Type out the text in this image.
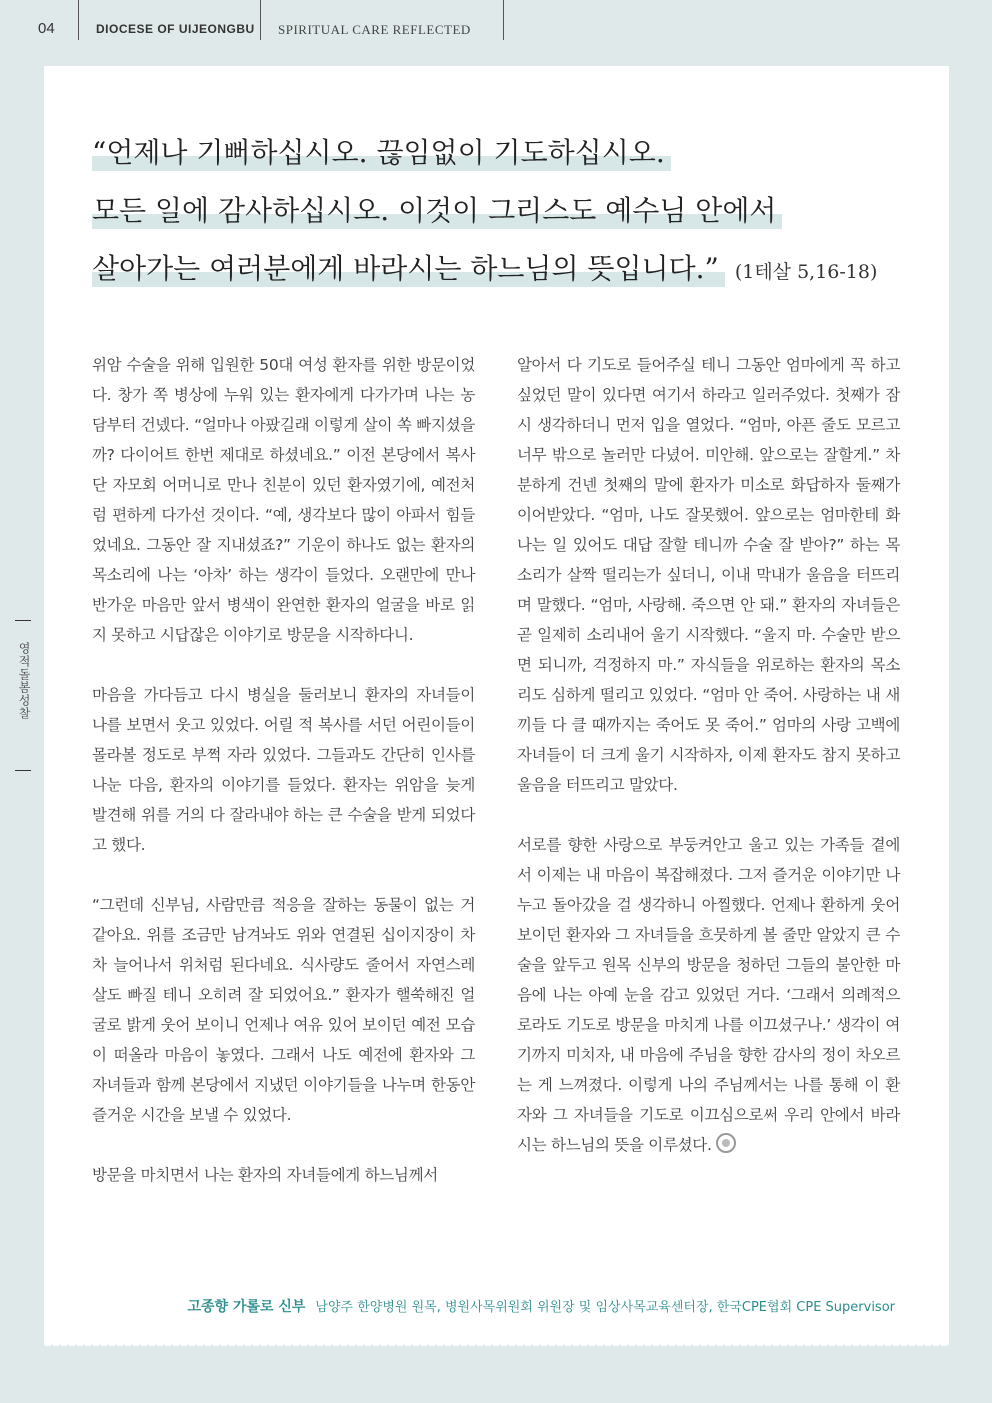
04	DIOCESE OF UIJEONGBU SPIRITUAL CARE REFLECTED
영적돌봄성찰
“언제나 기뻐하십시오. 끊임없이 기도하십시오.
모든 일에 감사하십시오. 이것이 그리스도 예수님 안에서
살아가는 여러분에게 바라시는 하느님의 뜻입니다.” (1테살 5,16-18)

위암 수술을 위해 입원한 50대 여성 환자를 위한 방문이었다. 창가 쪽 병상에 누워 있는 환자에게 다가가며 나는 농담부터 건넸다. “얼마나 아팠길래 이렇게 살이 쏙 빠지셨을까? 다이어트 한번 제대로 하셨네요.” 이전 본당에서 복사단 자모회 어머니로 만나 친분이 있던 환자였기에, 예전처럼 편하게 다가선 것이다. “예, 생각보다 많이 아파서 힘들었네요. 그동안 잘 지내셨죠?” 기운이 하나도 없는 환자의 목소리에 나는 ‘아차’ 하는 생각이 들었다. 오랜만에 만나 반가운 마음만 앞서 병색이 완연한 환자의 얼굴을 바로 읽지 못하고 시답잖은 이야기로 방문을 시작하다니.

마음을 가다듬고 다시 병실을 둘러보니 환자의 자녀들이 나를 보면서 웃고 있었다. 어릴 적 복사를 서던 어린이들이 몰라볼 정도로 부쩍 자라 있었다. 그들과도 간단히 인사를 나눈 다음, 환자의 이야기를 들었다. 환자는 위암을 늦게 발견해 위를 거의 다 잘라내야 하는 큰 수술을 받게 되었다고 했다.

“그런데 신부님, 사람만큼 적응을 잘하는 동물이 없는 거 같아요. 위를 조금만 남겨놔도 위와 연결된 십이지장이 차차 늘어나서 위처럼 된다네요. 식사량도 줄어서 자연스레 살도 빠질 테니 오히려 잘 되었어요.” 환자가 핼쑥해진 얼굴로 밝게 웃어 보이니 언제나 여유 있어 보이던 예전 모습이 떠올라 마음이 놓였다. 그래서 나도 예전에 환자와 그 자녀들과 함께 본당에서 지냈던 이야기들을 나누며 한동안 즐거운 시간을 보낼 수 있었다.

방문을 마치면서 나는 환자의 자녀들에게 하느님께서

알아서 다 기도로 들어주실 테니 그동안 엄마에게 꼭 하고 싶었던 말이 있다면 여기서 하라고 일러주었다. 첫째가 잠시 생각하더니 먼저 입을 열었다. “엄마, 아픈 줄도 모르고 너무 밖으로 놀러만 다녔어. 미안해. 앞으로는 잘할게.” 차분하게 건넨 첫째의 말에 환자가 미소로 화답하자 둘째가 이어받았다. “엄마, 나도 잘못했어. 앞으로는 엄마한테 화나는 일 있어도 대답 잘할 테니까 수술 잘 받아?” 하는 목소리가 살짝 떨리는가 싶더니, 이내 막내가 울음을 터뜨리며 말했다. “엄마, 사랑해. 죽으면 안 돼.” 환자의 자녀들은 곧 일제히 소리내어 울기 시작했다. “울지 마. 수술만 받으면 되니까, 걱정하지 마.” 자식들을 위로하는 환자의 목소리도 심하게 떨리고 있었다. “엄마 안 죽어. 사랑하는 내 새끼들 다 클 때까지는 죽어도 못 죽어.” 엄마의 사랑 고백에 자녀들이 더 크게 울기 시작하자, 이제 환자도 참지 못하고 울음을 터뜨리고 말았다.

서로를 향한 사랑으로 부둥켜안고 울고 있는 가족들 곁에서 이제는 내 마음이 복잡해졌다. 그저 즐거운 이야기만 나누고 돌아갔을 걸 생각하니 아찔했다. 언제나 환하게 웃어 보이던 환자와 그 자녀들을 흐뭇하게 볼 줄만 알았지 큰 수술을 앞두고 원목 신부의 방문을 청하던 그들의 불안한 마음에 나는 아예 눈을 감고 있었던 거다. ‘그래서 의례적으로라도 기도로 방문을 마치게 나를 이끄셨구나.’ 생각이 여기까지 미치자, 내 마음에 주님을 향한 감사의 정이 차오르는 게 느껴졌다. 이렇게 나의 주님께서는 나를 통해 이 환자와 그 자녀들을 기도로 이끄심으로써 우리 안에서 바라시는 하느님의 뜻을 이루셨다.

고종향 가롤로 신부 남양주 한양병원 원목, 병원사목위원회 위원장 및 임상사목교육센터장, 한국CPE협회 CPE Supervisor
